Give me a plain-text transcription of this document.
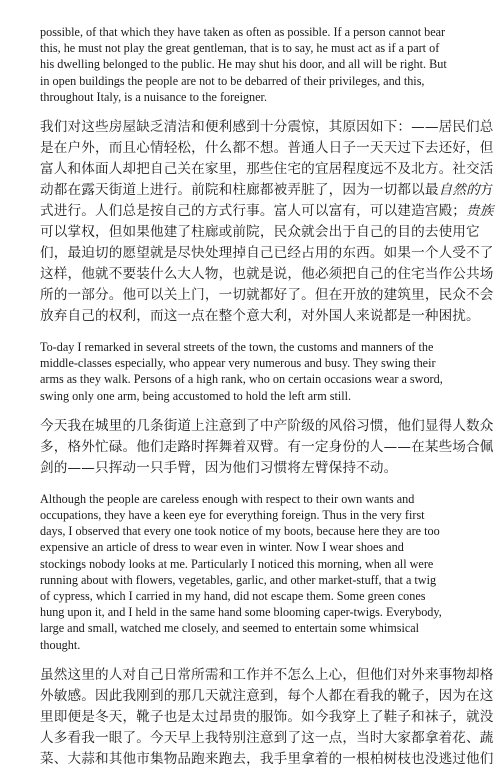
possible, of that which they have taken as often as possible. If a person cannot bear
this, he must not play the great gentleman, that is to say, he must act as if a part of
his dwelling belonged to the public. He may shut his door, and all will be right. But
in open buildings the people are not to be debarred of their privileges, and this,
throughout Italy, is a nuisance to the foreigner.

我们对这些房屋缺乏清洁和便利感到十分震惊，其原因如下：——居民们总
是在户外，而且心情轻松，什么都不想。普通人日子一天天过下去还好，但
富人和体面人却把自己关在家里，那些住宅的宜居程度远不及北方。社交活
动都在露天街道上进行。前院和柱廊都被弄脏了，因为一切都以最自然的方
式进行。人们总是按自己的方式行事。富人可以富有，可以建造宫殿；贵族
可以掌权，但如果他建了柱廊或前院，民众就会出于自己的目的去使用它
们，最迫切的愿望就是尽快处理掉自己已经占用的东西。如果一个人受不了
这样，他就不要装什么大人物，也就是说，他必须把自己的住宅当作公共场
所的一部分。他可以关上门，一切就都好了。但在开放的建筑里，民众不会
放弃自己的权利，而这一点在整个意大利，对外国人来说都是一种困扰。

To-day I remarked in several streets of the town, the customs and manners of the
middle-classes especially, who appear very numerous and busy. They swing their
arms as they walk. Persons of a high rank, who on certain occasions wear a sword,
swing only one arm, being accustomed to hold the left arm still.

今天我在城里的几条街道上注意到了中产阶级的风俗习惯，他们显得人数众
多，格外忙碌。他们走路时挥舞着双臂。有一定身份的人——在某些场合佩
剑的——只挥动一只手臂，因为他们习惯将左臂保持不动。

Although the people are careless enough with respect to their own wants and
occupations, they have a keen eye for everything foreign. Thus in the very first
days, I observed that every one took notice of my boots, because here they are too
expensive an article of dress to wear even in winter. Now I wear shoes and
stockings nobody looks at me. Particularly I noticed this morning, when all were
running about with flowers, vegetables, garlic, and other market-stuff, that a twig
of cypress, which I carried in my hand, did not escape them. Some green cones
hung upon it, and I held in the same hand some blooming caper-twigs. Everybody,
large and small, watched me closely, and seemed to entertain some whimsical
thought.

虽然这里的人对自己日常所需和工作并不怎么上心，但他们对外来事物却格
外敏感。因此我刚到的那几天就注意到，每个人都在看我的靴子，因为在这
里即便是冬天，靴子也是太过昂贵的服饰。如今我穿上了鞋子和袜子，就没
人多看我一眼了。今天早上我特别注意到了这一点，当时大家都拿着花、蔬
菜、大蒜和其他市集物品跑来跑去，我手里拿着的一根柏树枝也没逃过他们
